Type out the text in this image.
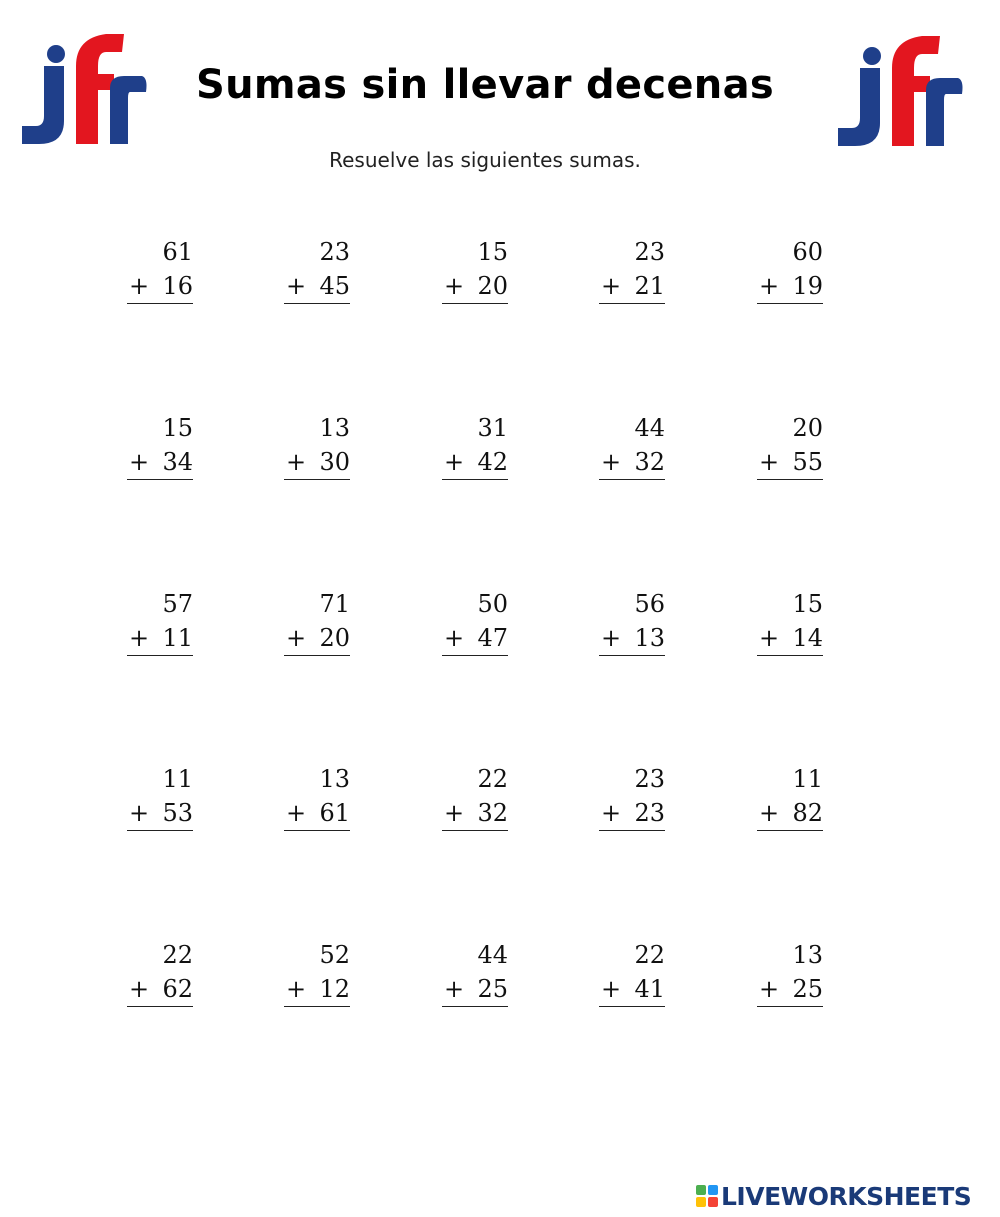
Sumas sin llevar decenas
Resuelve las siguientes sumas.
61
+ 16
23
+ 45
15
+ 20
23
+ 21
60
+ 19
15
+ 34
13
+ 30
31
+ 42
44
+ 32
20
+ 55
57
+ 11
71
+ 20
50
+ 47
56
+ 13
15
+ 14
11
+ 53
13
+ 61
22
+ 32
23
+ 23
11
+ 82
22
+ 62
52
+ 12
44
+ 25
22
+ 41
13
+ 25
LIVEWORKSHEETS
